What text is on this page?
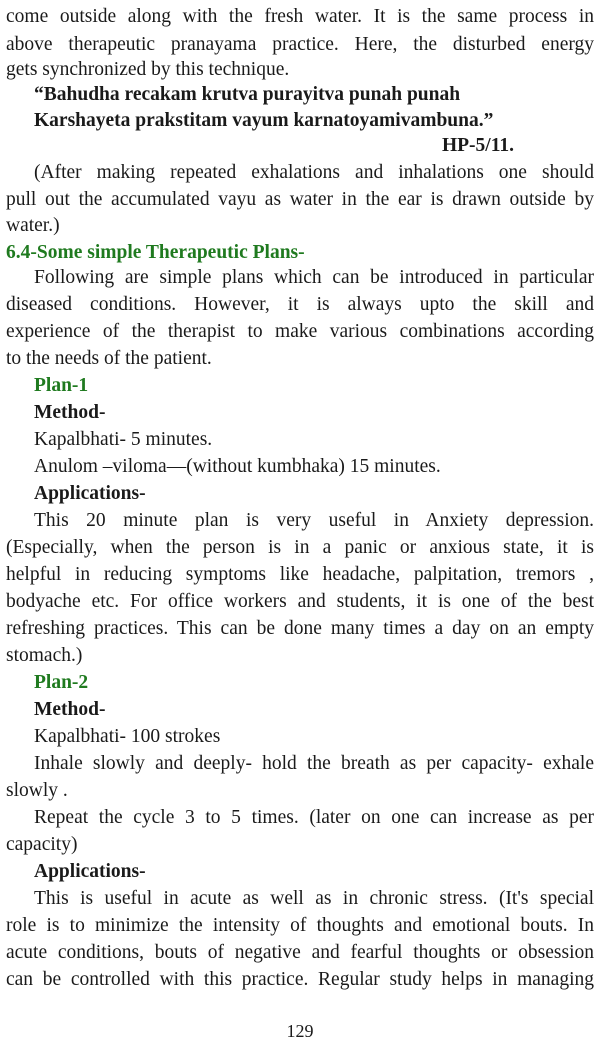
come outside along with the fresh water. It is the same process in
above therapeutic pranayama practice. Here, the disturbed energy
gets synchronized by this technique.
“Bahudha recakam krutva purayitva punah punah
Karshayeta prakstitam vayum karnatoyamivambuna.”
HP-5/11.
(After making repeated exhalations and inhalations one should
pull out the accumulated vayu as water in the ear is drawn outside by
water.)
6.4-Some simple Therapeutic Plans-
Following are simple plans which can be introduced in particular
diseased conditions. However, it is always upto the skill and
experience of the therapist to make various combinations according
to the needs of the patient.
Plan-1
Method-
Kapalbhati- 5 minutes.
Anulom –viloma—(without kumbhaka) 15 minutes.
Applications-
This 20 minute plan is very useful in Anxiety depression.
(Especially, when the person is in a panic or anxious state, it is
helpful in reducing symptoms like headache, palpitation, tremors ,
bodyache etc. For office workers and students, it is one of the best
refreshing practices. This can be done many times a day on an empty
stomach.)
Plan-2
Method-
Kapalbhati- 100 strokes
Inhale slowly and deeply- hold the breath as per capacity- exhale
slowly .
Repeat the cycle 3 to 5 times. (later on one can increase as per
capacity)
Applications-
This is useful in acute as well as in chronic stress. (It's special
role is to minimize the intensity of thoughts and emotional bouts. In
acute conditions, bouts of negative and fearful thoughts or obsession
can be controlled with this practice. Regular study helps in managing
129
